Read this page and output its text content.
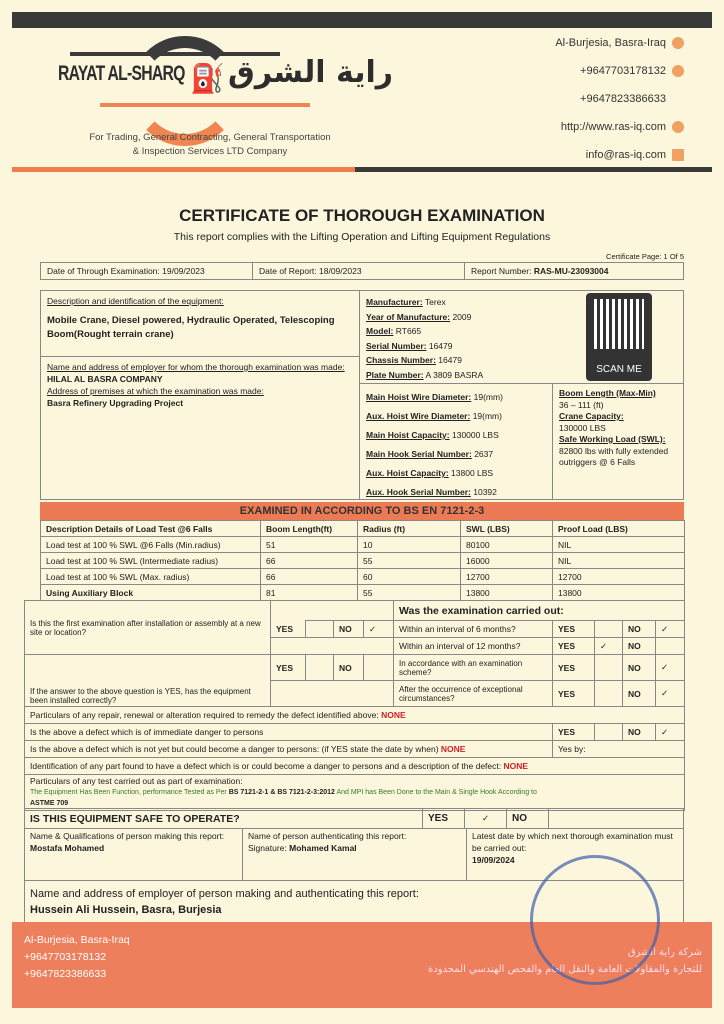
⛽
RAYAT AL-SHARQ راية الشرق
For Trading, General Contracting, General Transportation
& Inspection Services LTD Company
Al-Burjesia, Basra-Iraq
+9647703178132
+9647823386633
http://www.ras-iq.com
info@ras-iq.com
CERTIFICATE OF THOROUGH EXAMINATION
This report complies with the Lifting Operation and Lifting Equipment Regulations
Certificate Page: 1 Of 5
Date of Through Examination: 19/09/2023	Date of Report: 18/09/2023	Report Number: RAS-MU-23093004
Description and identification of the equipment:
Mobile Crane, Diesel powered, Hydraulic Operated, Telescoping Boom(Rought terrain crane)
Name and address of employer for whom the thorough examination was made:
HILAL AL BASRA COMPANY
Address of premises at which the examination was made:
Basra Refinery Upgrading Project
SCAN ME
Manufacturer: Terex
Year of Manufacture: 2009
Model: RT665
Serial Number: 16479
Chassis Number: 16479
Plate Number: A 3809 BASRA
Main Hoist Wire Diameter: 19(mm)
Aux. Hoist Wire Diameter: 19(mm)
Main Hoist Capacity: 130000 LBS
Main Hook Serial Number: 2637
Aux. Hoist Capacity: 13800 LBS
Aux. Hook Serial Number: 10392
Boom Length (Max-Min)
36 – 111 (ft)
Crane Capacity:
130000 LBS
Safe Working Load (SWL):
82800 lbs with fully extended outriggers @ 6 Falls
EXAMINED IN ACCORDING TO BS EN 7121-2-3
Description Details of Load Test @6 Falls	Boom Length(ft)	Radius (ft)	SWL (LBS)	Proof Load (LBS)
Load test at 100 % SWL @6 Falls (Min.radius)	51	10	80100	NIL
Load test at 100 % SWL (Intermediate radius)	66	55	16000	NIL
Load test at 100 % SWL (Max. radius)	66	60	12700	12700
Using Auxiliary Block	81	55	13800	13800
Is this the first examination after installation or assembly at a new site or location?					Was the examination carried out:				
	YES		NO	✓	Within an interval of 6 months?	YES		NO	✓
					Within an interval of 12 months?	YES	✓	NO	
If the answer to the above question is YES, has the equipment been installed correctly?	YES		NO		In accordance with an examination scheme?	YES		NO	✓
					After the occurrence of exceptional circumstances?	YES		NO	✓
Particulars of any repair, renewal or alteration required to remedy the defect identified above: NONE									
Is the above a defect which is of immediate danger to persons						YES		NO	✓
Is the above a defect which is not yet but could become a danger to persons: (if YES state the date by when) NONE						Yes by:			
Identification of any part found to have a defect which is or could become a danger to persons and a description of the defect: NONE									

Particulars of any test carried out as part of examination:
The Equipment Has Been Function, performance Tested as Per BS 7121-2-1 & BS 7121-2-3:2012 And MPI has Been Done to the Main & Single Hook According to
ASTME 709									
IS THIS EQUIPMENT SAFE TO OPERATE?	YES	✓	NO	
Name & Qualifications of person making this report:
Mostafa Mohamed	
Name of person authenticating this report:
Signature: Mohamed Kamal	
Latest date by which next thorough examination must be carried out:
19/09/2024

Name and address of employer of person making and authenticating this report:
Hussein Ali Hussein, Basra, Burjesia
Al-Burjesia, Basra-Iraq
+9647703178132
+9647823386633
شركة راية الشرق
للتجارة والمقاولات العامة والنقل العام والفحص الهندسي المحدودة
